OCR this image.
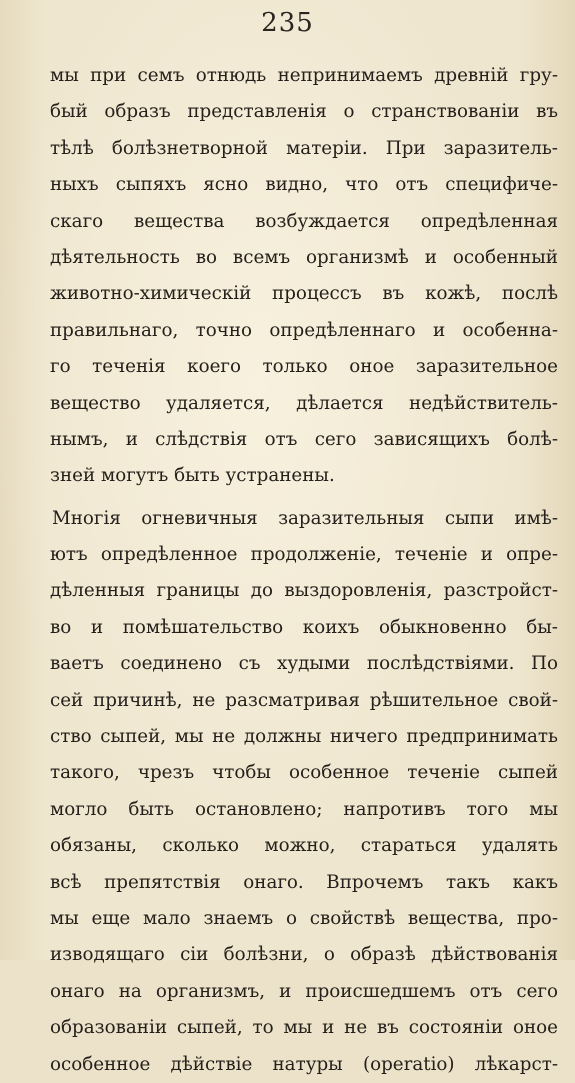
235
мы при семъ отнюдь непринимаемъ древній гру-
бый образъ представленія о странствованіи въ
тѣлѣ болѣзнетворной матеріи. При заразитель-
ныхъ сыпяхъ ясно видно, что отъ специфиче-
скаго вещества возбуждается опредѣленная
дѣятельность во всемъ организмѣ и особенный
животно-химическій процессъ въ кожѣ, послѣ
правильнаго, точно опредѣленнаго и особенна-
го теченія коего только оное заразительное
вещество удаляется, дѣлается недѣйствитель-
нымъ, и слѣдствія отъ сего зависящихъ болѣ-
зней могутъ быть устранены.
Многія огневичныя заразительныя сыпи имѣ-
ютъ опредѣленное продолженіе, теченіе и опре-
дѣленныя границы до выздоровленія, разстройст-
во и помѣшательство коихъ обыкновенно бы-
ваетъ соединено съ худыми послѣдствіями. По
сей причинѣ, не разсматривая рѣшительное свой-
ство сыпей, мы не должны ничего предпринимать
такого, чрезъ чтобы особенное теченіе сыпей
могло быть остановлено; напротивъ того мы
обязаны, сколько можно, стараться удалять
всѣ препятствія онаго. Впрочемъ такъ какъ
мы еще мало знаемъ о свойствѣ вещества, про-
изводящаго сіи болѣзни, о образѣ дѣйствованія
онаго на организмъ, и происшедшемъ отъ сего
образованіи сыпей, то мы и не въ состояніи оное
особенное дѣйствіе натуры (operatio) лѣкарст-
